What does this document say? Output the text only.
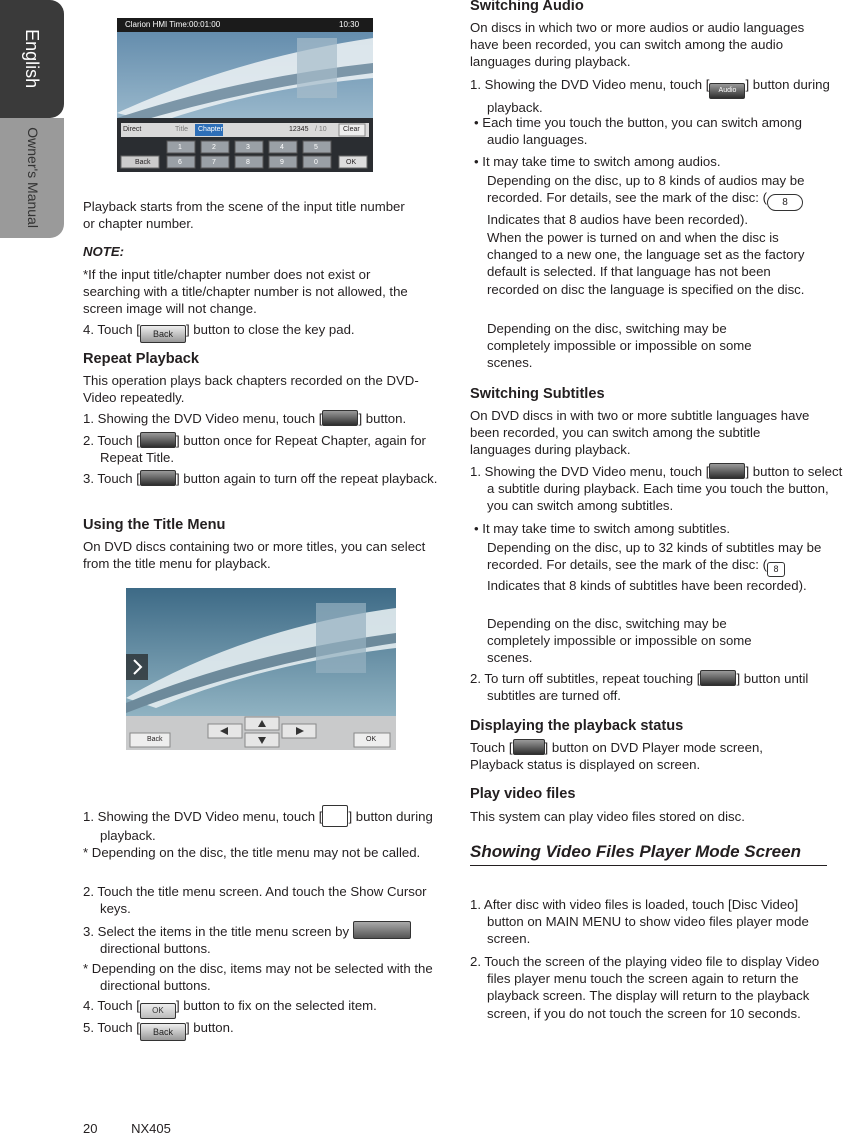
English
Owner's Manual
Clarion HMI Time:00:01:00	10:30
Direct	Title Chapter	12345 / 10 Clear
Back	OK
1	2	3	4	5
6	7	8	9	0

Playback starts from the scene of the input title number or chapter number.

NOTE:

*If the input title/chapter number does not exist or searching with a title/chapter number is not allowed, the screen image will not change.

4. Touch [ Back ] button to close the key pad.

Repeat Playback

This operation plays back chapters recorded on the DVD-Video repeatedly.

1. Showing the DVD Video menu, touch [	] button.

2. Touch [	] button once for Repeat Chapter, again for Repeat Title.

3. Touch [	] button again to turn off the repeat playback.

Using the Title Menu

On DVD discs containing two or more titles, you can select from the title menu for playback.

1. Showing the DVD Video menu, touch [ ] button during playback.

* Depending on the disc, the title menu may not be called.

2. Touch the title menu screen. And touch the Show Cursor keys.

3. Select the items in the title menu screen by  directional buttons.

* Depending on the disc, items may not be selected with the directional buttons.

4. Touch [ OK ] button to fix on the selected item.

5. Touch [ Back ] button.

Back	OK

Switching Audio

On discs in which two or more audios or audio languages have been recorded, you can switch among the audio languages during playback.

1. Showing the DVD Video menu, touch [ Audio ] button during playback.

• Each time you touch the button, you can switch among audio languages.

• It may take time to switch among audios.

Depending on the disc, up to 8 kinds of audios may be recorded. For details, see the mark of the disc: ( 8Indicates that 8 audios have been recorded).

When the power is turned on and when the disc is changed to a new one, the language set as the factory default is selected. If that language has not been recorded on disc the language is specified on the disc.

Depending on the disc, switching may be completely impossible or impossible on some scenes.

Switching Subtitles

On DVD discs in with two or more subtitle languages have been recorded, you can switch among the subtitle languages during playback.

1. Showing the DVD Video menu, touch [	] button to select a subtitle during playback. Each time you touch the button, you can switch among subtitles.

• It may take time to switch among subtitles.

Depending on the disc, up to 32 kinds of subtitles may be recorded. For details, see the mark of the disc: ( 8Indicates that 8 kinds of subtitles have been recorded).

Depending on the disc, switching may be completely impossible or impossible on some scenes.

2. To turn off subtitles, repeat touching [	] button until subtitles are turned off.

Displaying the playback status

Touch [ ] button on DVD Player mode screen, Playback status is displayed on screen.

Play video files

This system can play video files stored on disc.

Showing Video Files Player Mode Screen

1. After disc with video files is loaded, touch [Disc Video] button on MAIN MENU to show video files player mode screen.

2. Touch the screen of the playing video file to display Video files player menu touch the screen again to return the playback screen. The display will return to the playback screen, if you do not touch the screen for 10 seconds.

20	NX405
